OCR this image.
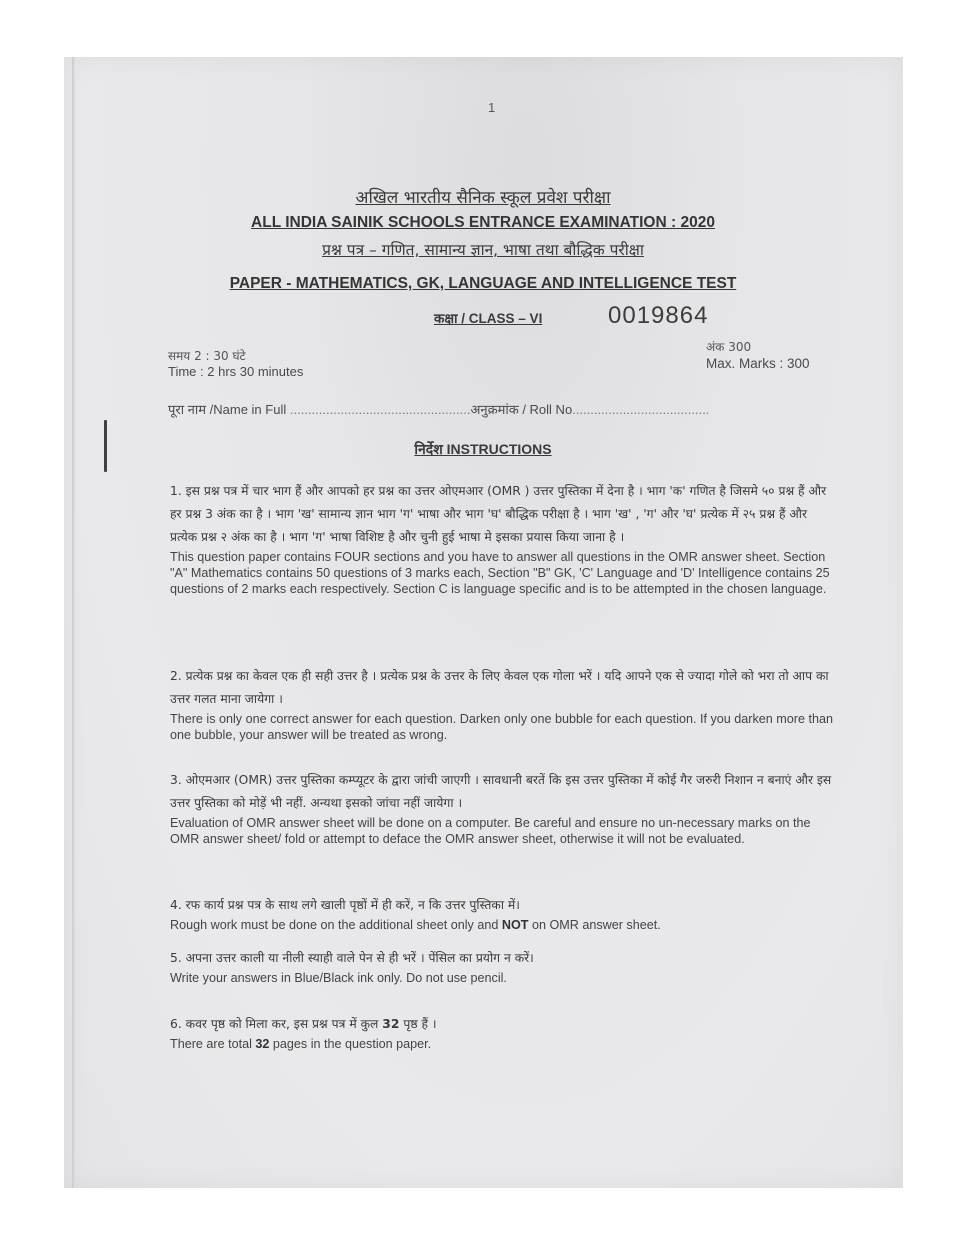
1
अखिल भारतीय सैनिक स्कूल प्रवेश परीक्षा
ALL INDIA SAINIK SCHOOLS ENTRANCE EXAMINATION : 2020
प्रश्न पत्र – गणित, सामान्य ज्ञान, भाषा तथा बौद्धिक परीक्षा
PAPER - MATHEMATICS, GK, LANGUAGE AND INTELLIGENCE TEST
कक्षा / CLASS – VI	0019864
समय 2 : 30 घंटे
Time : 2 hrs 30 minutes
अंक 300
Max. Marks : 300
पूरा नाम /Name in Full ..................................................अनुक्रमांक / Roll No......................................
निर्देश INSTRUCTIONS
1. इस प्रश्न पत्र में चार भाग हैं और आपको हर प्रश्न का उत्तर ओएमआर (OMR ) उत्तर पुस्तिका में देना है । भाग 'क' गणित है जिसमे ५० प्रश्न हैं और हर प्रश्न 3 अंक का है । भाग 'ख' सामान्य ज्ञान भाग 'ग' भाषा और भाग 'घ' बौद्धिक परीक्षा है । भाग 'ख' , 'ग' और 'घ' प्रत्येक में २५ प्रश्न हैं और प्रत्येक प्रश्न २ अंक का है । भाग 'ग' भाषा विशिष्ट है और चुनी हुई भाषा मे इसका प्रयास किया जाना है ।
This question paper contains FOUR sections and you have to answer all questions in the OMR answer sheet. Section "A" Mathematics contains 50 questions of 3 marks each, Section "B" GK, 'C' Language and 'D' Intelligence contains 25 questions of 2 marks each respectively. Section C is language specific and is to be attempted in the chosen language.
2. प्रत्येक प्रश्न का केवल एक ही सही उत्तर है । प्रत्येक प्रश्न के उत्तर के लिए केवल एक गोला भरें । यदि आपने एक से ज्यादा गोले को भरा तो आप का उत्तर गलत माना जायेगा ।
There is only one correct answer for each question. Darken only one bubble for each question. If you darken more than one bubble, your answer will be treated as wrong.
3. ओएमआर (OMR) उत्तर पुस्तिका कम्प्यूटर के द्वारा जांची जाएगी । सावधानी बरतें कि इस उत्तर पुस्तिका में कोई गैर जरुरी निशान न बनाएं और इस उत्तर पुस्तिका को मोड़ें भी नहीं. अन्यथा इसको जांचा नहीं जायेगा ।
Evaluation of OMR answer sheet will be done on a computer. Be careful and ensure no un-necessary marks on the OMR answer sheet/ fold or attempt to deface the OMR answer sheet, otherwise it will not be evaluated.
4. रफ कार्य प्रश्न पत्र के साथ लगे खाली पृष्ठों में ही करें, न कि उत्तर पुस्तिका में।
Rough work must be done on the additional sheet only and NOT on OMR answer sheet.
5. अपना उत्तर काली या नीली स्याही वाले पेन से ही भरें । पेंसिल का प्रयोग न करें।
Write your answers in Blue/Black ink only. Do not use pencil.
6. कवर पृष्ठ को मिला कर, इस प्रश्न पत्र में कुल 32 पृष्ठ हैं ।
There are total 32 pages in the question paper.
